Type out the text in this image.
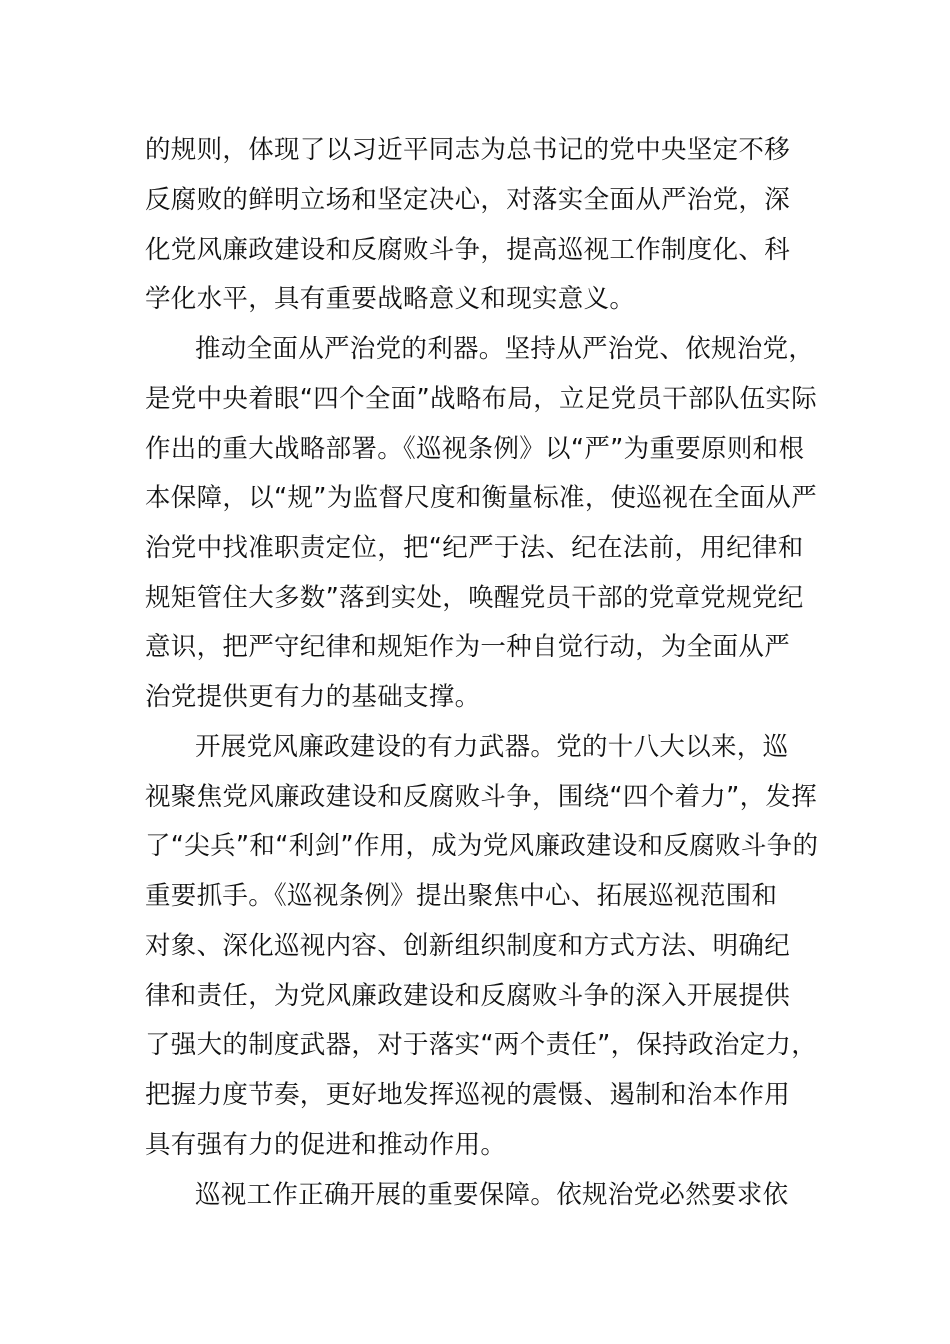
的规则，体现了以习近平同志为总书记的党中央坚定不移
反腐败的鲜明立场和坚定决心，对落实全面从严治党，深
化党风廉政建设和反腐败斗争，提高巡视工作制度化、科
学化水平，具有重要战略意义和现实意义。
推动全面从严治党的利器。坚持从严治党、依规治党，
是党中央着眼“四个全面”战略布局，立足党员干部队伍实际
作出的重大战略部署。《巡视条例》以“严”为重要原则和根
本保障，以“规”为监督尺度和衡量标准，使巡视在全面从严
治党中找准职责定位，把“纪严于法、纪在法前，用纪律和
规矩管住大多数”落到实处，唤醒党员干部的党章党规党纪
意识，把严守纪律和规矩作为一种自觉行动，为全面从严
治党提供更有力的基础支撑。
开展党风廉政建设的有力武器。党的十八大以来，巡
视聚焦党风廉政建设和反腐败斗争，围绕“四个着力”，发挥
了“尖兵”和“利剑”作用，成为党风廉政建设和反腐败斗争的
重要抓手。《巡视条例》提出聚焦中心、拓展巡视范围和
对象、深化巡视内容、创新组织制度和方式方法、明确纪
律和责任，为党风廉政建设和反腐败斗争的深入开展提供
了强大的制度武器，对于落实“两个责任”，保持政治定力，
把握力度节奏，更好地发挥巡视的震慑、遏制和治本作用
具有强有力的促进和推动作用。
巡视工作正确开展的重要保障。依规治党必然要求依
